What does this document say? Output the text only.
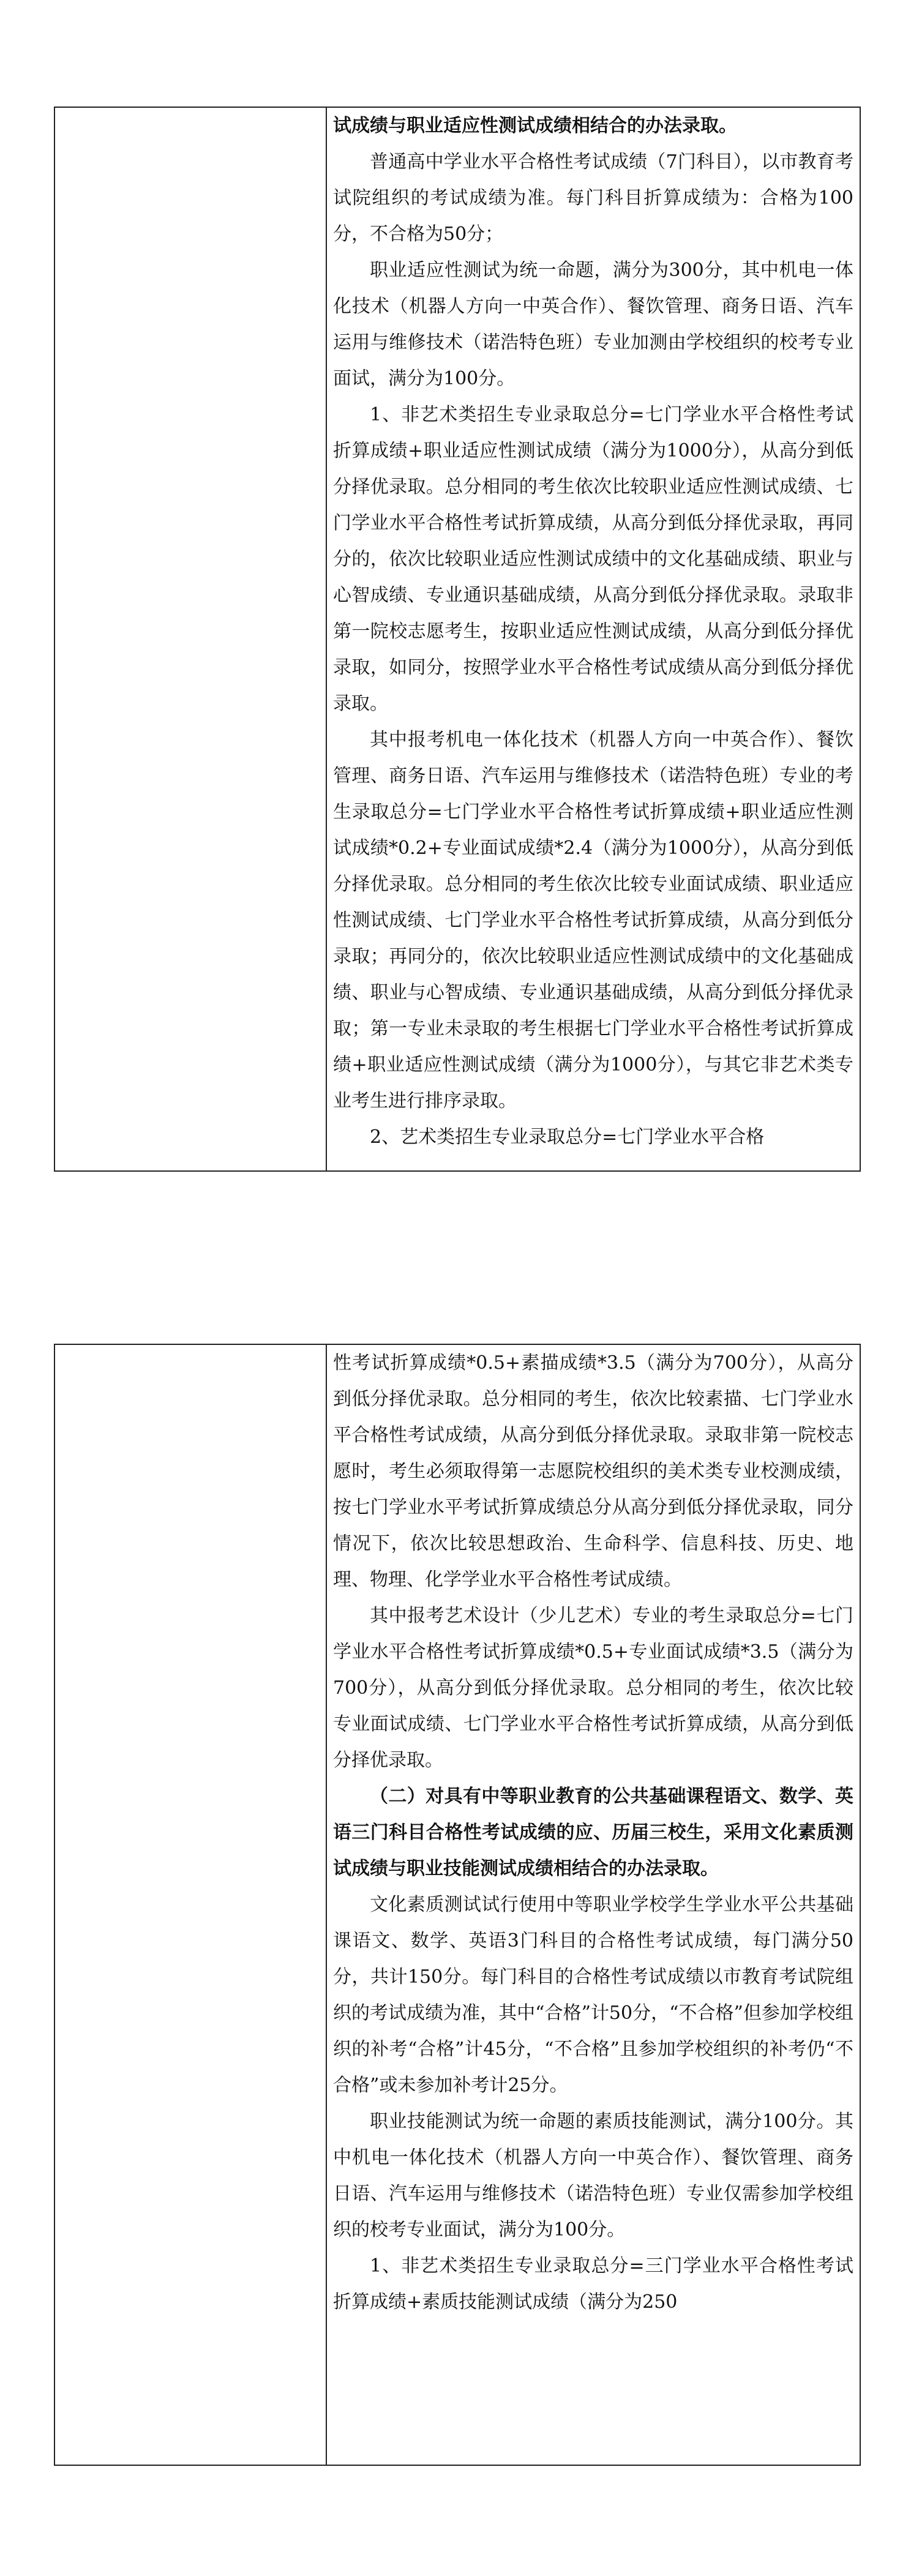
试成绩与职业适应性测试成绩相结合的办法录取。

普通高中学业水平合格性考试成绩（7门科目），以市教育考试院组织的考试成绩为准。每门科目折算成绩为：合格为100分，不合格为50分；

职业适应性测试为统一命题，满分为300分，其中机电一体化技术（机器人方向一中英合作）、餐饮管理、商务日语、汽车运用与维修技术（诺浩特色班）专业加测由学校组织的校考专业面试，满分为100分。

1、非艺术类招生专业录取总分=七门学业水平合格性考试折算成绩+职业适应性测试成绩（满分为1000分），从高分到低分择优录取。总分相同的考生依次比较职业适应性测试成绩、七门学业水平合格性考试折算成绩，从高分到低分择优录取，再同分的，依次比较职业适应性测试成绩中的文化基础成绩、职业与心智成绩、专业通识基础成绩，从高分到低分择优录取。录取非第一院校志愿考生，按职业适应性测试成绩，从高分到低分择优录取，如同分，按照学业水平合格性考试成绩从高分到低分择优录取。

其中报考机电一体化技术（机器人方向一中英合作）、餐饮管理、商务日语、汽车运用与维修技术（诺浩特色班）专业的考生录取总分=七门学业水平合格性考试折算成绩+职业适应性测试成绩*0.2+专业面试成绩*2.4（满分为1000分），从高分到低分择优录取。总分相同的考生依次比较专业面试成绩、职业适应性测试成绩、七门学业水平合格性考试折算成绩，从高分到低分录取；再同分的，依次比较职业适应性测试成绩中的文化基础成绩、职业与心智成绩、专业通识基础成绩，从高分到低分择优录取；第一专业未录取的考生根据七门学业水平合格性考试折算成绩+职业适应性测试成绩（满分为1000分），与其它非艺术类专业考生进行排序录取。

2、艺术类招生专业录取总分=七门学业水平合格

性考试折算成绩*0.5+素描成绩*3.5（满分为700分），从高分到低分择优录取。总分相同的考生，依次比较素描、七门学业水平合格性考试成绩，从高分到低分择优录取。录取非第一院校志愿时，考生必须取得第一志愿院校组织的美术类专业校测成绩，按七门学业水平考试折算成绩总分从高分到低分择优录取，同分情况下，依次比较思想政治、生命科学、信息科技、历史、地理、物理、化学学业水平合格性考试成绩。

其中报考艺术设计（少儿艺术）专业的考生录取总分=七门学业水平合格性考试折算成绩*0.5+专业面试成绩*3.5（满分为700分），从高分到低分择优录取。总分相同的考生，依次比较专业面试成绩、七门学业水平合格性考试折算成绩，从高分到低分择优录取。

（二）对具有中等职业教育的公共基础课程语文、数学、英语三门科目合格性考试成绩的应、历届三校生，采用文化素质测试成绩与职业技能测试成绩相结合的办法录取。

文化素质测试试行使用中等职业学校学生学业水平公共基础课语文、数学、英语3门科目的合格性考试成绩，每门满分50分，共计150分。每门科目的合格性考试成绩以市教育考试院组织的考试成绩为准，其中“合格”计50分，“不合格”但参加学校组织的补考“合格”计45分，“不合格”且参加学校组织的补考仍“不合格”或未参加补考计25分。

职业技能测试为统一命题的素质技能测试，满分100分。其中机电一体化技术（机器人方向一中英合作）、餐饮管理、商务日语、汽车运用与维修技术（诺浩特色班）专业仅需参加学校组织的校考专业面试，满分为100分。

1、非艺术类招生专业录取总分=三门学业水平合格性考试折算成绩+素质技能测试成绩（满分为250
